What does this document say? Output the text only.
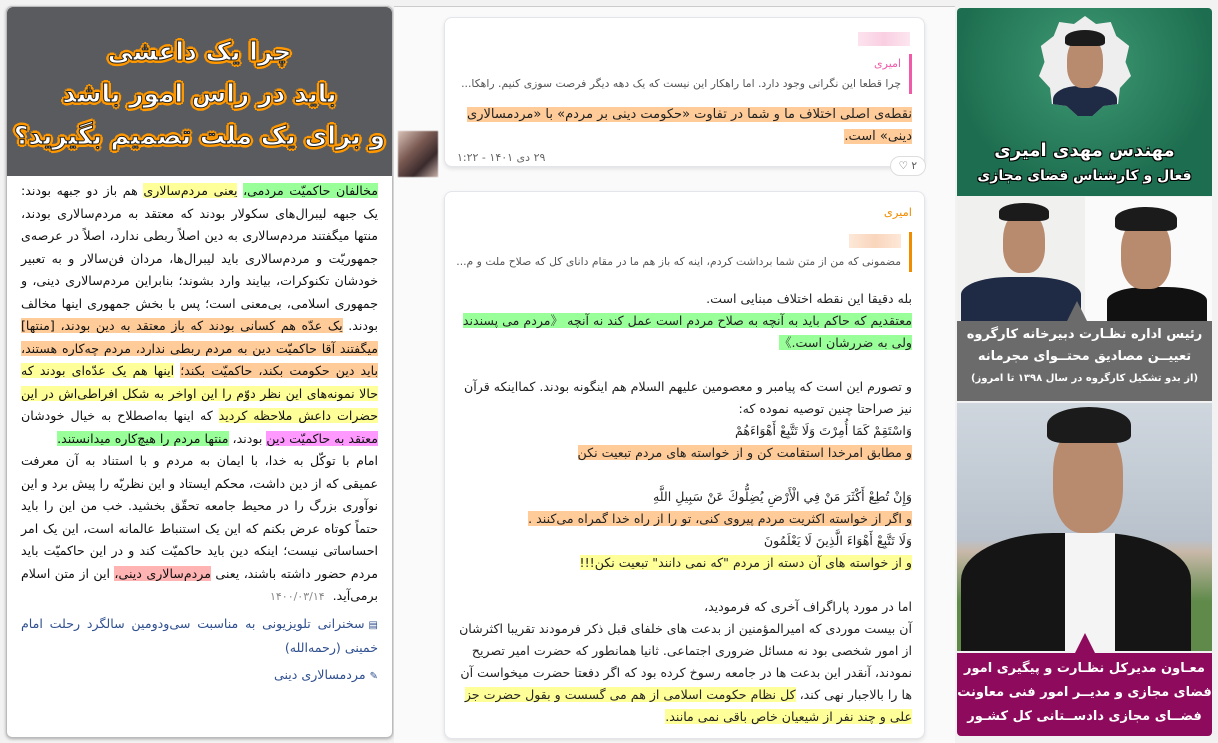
چرا یک داعشی
باید در راس امور باشد
و برای یک ملت تصمیم بگیرید؟

مخالفان حاکمیّت مردمی، یعنی مردم‌سالاری هم باز دو جبهه بودند: یک جبهه لیبرال‌های سکولار بودند که معتقد به مردم‌سالاری بودند، منتها میگفتند مردم‌سالاری به دین اصلاً ربطی ندارد، اصلاً در عرصه‌ی جمهوریّت و مردم‌سالاری باید لیبرال‌ها، مردان فن‌سالار و به تعبیر خودشان تکنوکرات، بیایند وارد بشوند؛ بنابراین مردم‌سالاری دینی، و جمهوری اسلامی، بی‌معنی است؛ پس با بخش جمهوری اینها مخالف بودند. یک عدّه هم کسانی بودند که باز معتقد به دین بودند، [منتها] میگفتند آقا حاکمیّت دین به مردم ربطی ندارد، مردم چه‌کاره هستند، باید دین حکومت بکند، حاکمیّت بکند؛ اینها هم یک عدّه‌ای بودند که حالا نمونه‌های این نظر دوّم را این اواخر به شکل افراطی‌اش در این حضرات داعش ملاحظه کردید که اینها به‌اصطلاح به خیال خودشان معتقد به حاکمیّت دین بودند، منتها مردم را هیچ‌کاره میدانستند.

امام با توکّل به خدا، با ایمان به مردم و با استناد به آن معرفت عمیقی که از دین داشت، محکم ایستاد و این نظریّه را پیش برد و این نوآوری بزرگ را در محیط جامعه تحقّق بخشید. خب من این را باید حتماً کوتاه عرض بکنم که این یک استنباط عالمانه است، این یک امر احساساتی نیست؛ اینکه دین باید حاکمیّت کند و در این حاکمیّت باید مردم حضور داشته باشند، یعنی مردم‌سالاری دینی، این از متن اسلام برمی‌آید. ۱۴۰۰/۰۳/۱۴

▤سخنرانی تلویزیونی به مناسبت سی‌ودومین سالگرد رحلت امام خمینی (رحمه‌الله)
✎مردمسالاری دینی
امیری
چرا قطعا این نگرانی وجود دارد. اما راهکار این نیست که یک دهه دیگر فرصت سوزی کنیم. راهکا...
نقطه‌ی اصلی اختلاف ما و شما در تفاوت «حکومت دینی بر مردم» با «مردمسالاری دینی» است.
۲۹ دی ۱۴۰۱ - ۱:۲۲
۲ ♡
امیری
مضمونی که من از متن شما برداشت کردم، اینه که باز هم ما در مقام دانای کل که صلاح ملت و م...
بله دقیقا این نقطه اختلاف مبنایی است.
معتقدیم که حاکم باید به آنچه به صلاح مردم است عمل کند نه آنچه 《مردم می پسندند ولی به ضررشان است.》

و تصورم این است که پیامبر و معصومین علیهم السلام هم اینگونه بودند. کمااینکه قرآن نیز صراحتا چنین توصیه نموده که:
وَاسْتَقِمْ كَمَا أُمِرْتَ وَلَا تَتَّبِعْ أَهْوَاءَهُمْ
و مطابق امرخدا استقامت کن و از خواسته های مردم تبعیت نکن

وَإِنْ تُطِعْ أَكْثَرَ مَنْ فِي الْأَرْضِ يُضِلُّوكَ عَنْ سَبِيلِ اللَّهِ
و اگر از خواسته اکثریت مردم پیروی کنی، تو را از راه خدا گمراه می‌کنند .
وَلَا تَتَّبِعْ أَهْوَاءَ الَّذِينَ لَا يَعْلَمُونَ
و از خواسته های آن دسته از مردم "که نمی دانند" تبعیت نکن!!!

اما در مورد پاراگراف آخری که فرمودید،
آن بیست موردی که امیرالمؤمنین از بدعت های خلفای قبل ذکر فرمودند تقریبا اکثرشان از امور شخصی بود نه مسائل ضروری اجتماعی. ثانیا همانطور که حضرت امیر تصریح نمودند، آنقدر این بدعت ها در جامعه رسوخ کرده بود که اگر دفعتا حضرت میخواست آن ها را بالاجبار نهی کند، کل نظام حکومت اسلامی از هم می گسست و بقول حضرت جز علی و چند نفر از شیعیان خاص باقی نمی مانند.
مهندس مهدی امیری
فعال و کارشناس فضای مجازی
رئیس اداره نظـارت دبیرخانه کارگروه
تعییــن مصادیق محتــوای مجرمانه
(از بدو تشکیل کارگروه در سال ۱۳۹۸ تا امروز)
معـاون مدیرکل نظـارت و پیگیری امور
فضای مجازی و مدیــر امور فنی معاونت
فضــای مجازی دادســتانی کل کشـور
